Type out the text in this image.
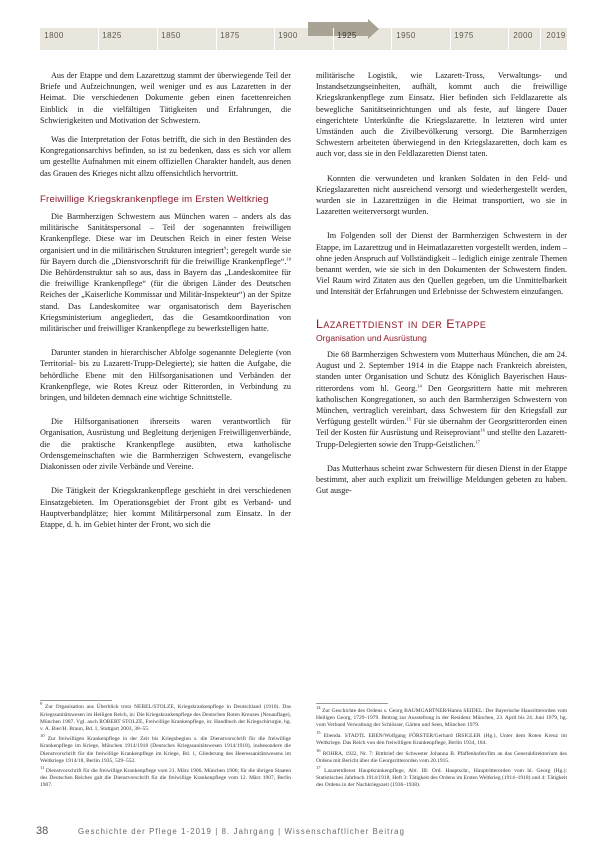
1800	1825	1850	1875	1900	1925	1950	1975	2000 2019

Aus der Etappe und dem Lazarettzug stammt der überwiegende Teil der Briefe und Aufzeichnungen, weil weniger und es aus Lazaretten in der Heimat. Die verschiedenen Dokumente geben einen facettenreichen Einblick in die vielfältigen Tätigkeiten und Erfahrungen, die Schwierigkeiten und Motivation der Schwestern.

Was die Interpretation der Fotos betrifft, die sich in den Beständen des Kongregationsarchivs befinden, so ist zu bedenken, dass es sich vor allem um gestellte Aufnahmen mit einem offiziellen Charakter handelt, aus denen das Grauen des Krieges nicht allzu offensichtlich hervortritt.

Freiwillige Kriegskrankenpflege im Ersten Weltkrieg

Die Barmherzigen Schwestern aus München waren – anders als das militärische Sanitätspersonal – Teil der sogenannten freiwilligen Krankenpflege. Diese war im Deutschen Reich in einer festen Weise organisiert und in die militärischen Strukturen integriert$^9$; geregelt wurde sie für Bayern durch die „Dienstvorschrift für die freiwillige Krankenpflege“.$^{10}$ Die Behördenstruktur sah so aus, dass in Bayern das „Landeskomitee für die freiwillige Krankenpflege“ (für die übrigen Länder des Deutschen Reiches der „Kaiserliche Kommissar und Militär-Inspekteur“) an der Spitze stand. Das Landeskomitee war organisatorisch dem Bayerischen Kriegsministerium angegliedert, das die Gesamtkoordination von militärischer und freiwilliger Krankenpflege zu bewerkstelligen hatte.

Darunter standen in hierarchischer Abfolge sogenannte Delegierte (von Territorial- bis zu Lazarett-Trupp-Delegierte); sie hatten die Aufgabe, die behördliche Ebene mit den Hilfsorganisationen und Verbänden der Krankenpflege, wie Rotes Kreuz oder Ritterorden, in Verbindung zu bringen, und bildeten demnach eine wichtige Schnittstelle.

Die Hilfsorganisationen ihrerseits waren verantwortlich für Organisation, Ausrüstung und Begleitung derjenigen Freiwilligenverbände, die die praktische Krankenpflege ausübten, etwa katholische Ordensgemeinschaften wie die Barmherzigen Schwestern, evangelische Diakonissen oder zivile Verbände und Vereine.

Die Tätigkeit der Kriegskrankenpflege geschieht in drei verschiedenen Einsatzgebieten. Im Operationsgebiet der Front gibt es Verband- und Hauptverbandplätze; hier kommt Militärpersonal zum Einsatz. In der Etappe, d. h. im Gebiet hinter der Front, wo sich die

militärische Logistik, wie Lazarett-Tross, Verwaltungs- und Instandsetzungseinheiten, aufhält, kommt auch die freiwillige Kriegskrankenpflege zum Einsatz. Hier befinden sich Feldlazarette als bewegliche Sanitätseinrichtungen und als feste, auf längere Dauer eingerichtete Unterkünfte die Kriegslazarette. In letzteren wird unter Umständen auch die Zivilbevölkerung versorgt. Die Barmherzigen Schwestern arbeiteten überwiegend in den Kriegslazaretten, doch kam es auch vor, dass sie in den Feldlazaretten Dienst taten.

Konnten die verwundeten und kranken Soldaten in den Feld- und Kriegslazaretten nicht ausreichend versorgt und wiederhergestellt werden, wurden sie in Lazarettzügen in die Heimat transportiert, wo sie in Lazaretten weiterversorgt wurden.

Im Folgenden soll der Dienst der Barmherzigen Schwestern in der Etappe, im Lazarettzug und in Heimatlazaretten vorgestellt werden, indem – ohne jeden Anspruch auf Vollständigkeit – lediglich einige zentrale Themen benannt werden, wie sie sich in den Dokumenten der Schwestern finden. Viel Raum wird Zitaten aus den Quellen gegeben, um die Unmittelbarkeit und Intensität der Erfahrungen und Erlebnisse der Schwestern einzufangen.

Lazarettdienst in der Etappe
Organisation und Ausrüstung

Die 68 Barmherzigen Schwestern vom Mutterhaus München, die am 24. August und 2. September 1914 in die Etappe nach Frankreich abreisten, standen unter Organisation und Schutz des Königlich Bayerischen Hausritterordens vom hl. Georg.$^{14}$ Den Georgsrittern hatte mit mehreren katholischen Kongregationen, so auch den Barmherzigen Schwestern von München, vertraglich vereinbart, dass Schwestern für den Kriegsfall zur Verfügung gestellt würden.$^{15}$ Für sie übernahm der Georgsritterorden einen Teil der Kosten für Ausrüstung und Reiseproviant$^{16}$ und stellte den Lazarett-Trupp-Delegierten sowie den Trupp-Geistlichen.$^{17}$

Das Mutterhaus scheint zwar Schwestern für diesen Dienst in der Etappe bestimmt, aber auch explizit um freiwillige Meldungen gebeten zu haben. Gut ausge-

$^9$ Zur Organisation aus Überblick trotz NEBEL/STOLZE, Kriegskrankenpflege in Deutschland (1910). Das Kriegssanitätswesen im Heiligen Reich, in: Die Kriegskrankenpflege des Deutschen Roten Kreuzes (Neuauflage), München 1987. Vgl. auch ROBERT STOLZE, Freiwillige Krankenpflege, in: Handbuch der Kriegschirurgie, hg. v. A. Bier/H. Braun, Bd. 1, Stuttgart 2003, 38–55.

$^{10}$ Zur freiwilligen Krankenpflege in der Zeit bis Kriegsbeginn s. die Dienstvorschrift für die freiwillige Krankenpflege im Kriege, München 1914/1918 (Deutsches Kriegssanitätswesen 1914/1918), insbesondere die Dienstvorschrift für die freiwillige Krankenpflege im Kriege, Bd. 1, Gliederung des Heeressanitätswesens im Weltkriege 1914/18, Berlin 1935, 529–552.

$^{11}$ Dienstvorschrift für die freiwillige Krankenpflege vom 21. März 1906, München 1906; für die übrigen Staaten des Deutschen Reiches galt die Dienstvorschrift für die freiwillige Krankenpflege vom 12. März 1907, Berlin 1907.

$^{14}$ Zur Geschichte des Ordens s. Georg BAUMGARTNER/Hanns SEIDEL: Der Bayerische Hausritterorden vom Heiligen Georg, 1729–1979. Beitrag zur Ausstellung in der Residenz München, 23. April bis 24. Juni 1979, hg. vom Verband Verwaltung der Schlösser, Gärten und Seen, München 1979.

$^{15}$ Ebenda. STADTL EBEN/Wolfgang FÖRSTER/Gerhard IRSIGLER (Hg.), Unter dem Roten Kreuz im Weltkriege. Das Reich von den freiwilligen Krankenpflege, Berlin 1934, 184.

$^{16}$ ROHRA, 1922, Nr. 7: Bittbrief der Schwester Johanna B. Pfaffenhofen/Ilm an das Generaldirektorium des Ordens mit Bericht über die Georgsritterorden vom 20.1915.

$^{17}$ Lazarettdienst Hauptkrankenpflege, Abt. III: Ord. Hauptschr., Hauptritterorden vom hl. Georg (Hg.): Statistisches Jahrbuch 1914/1918, Heft 3: Tätigkeit des Ordens im Ersten Weltkrieg (1914–1918) und 4: Tätigkeit des Ordens in der Nachkriegszeit (1936–1938).

38	Geschichte der Pflege 1-2019 | 8. Jahrgang | Wissenschaftlicher Beitrag
